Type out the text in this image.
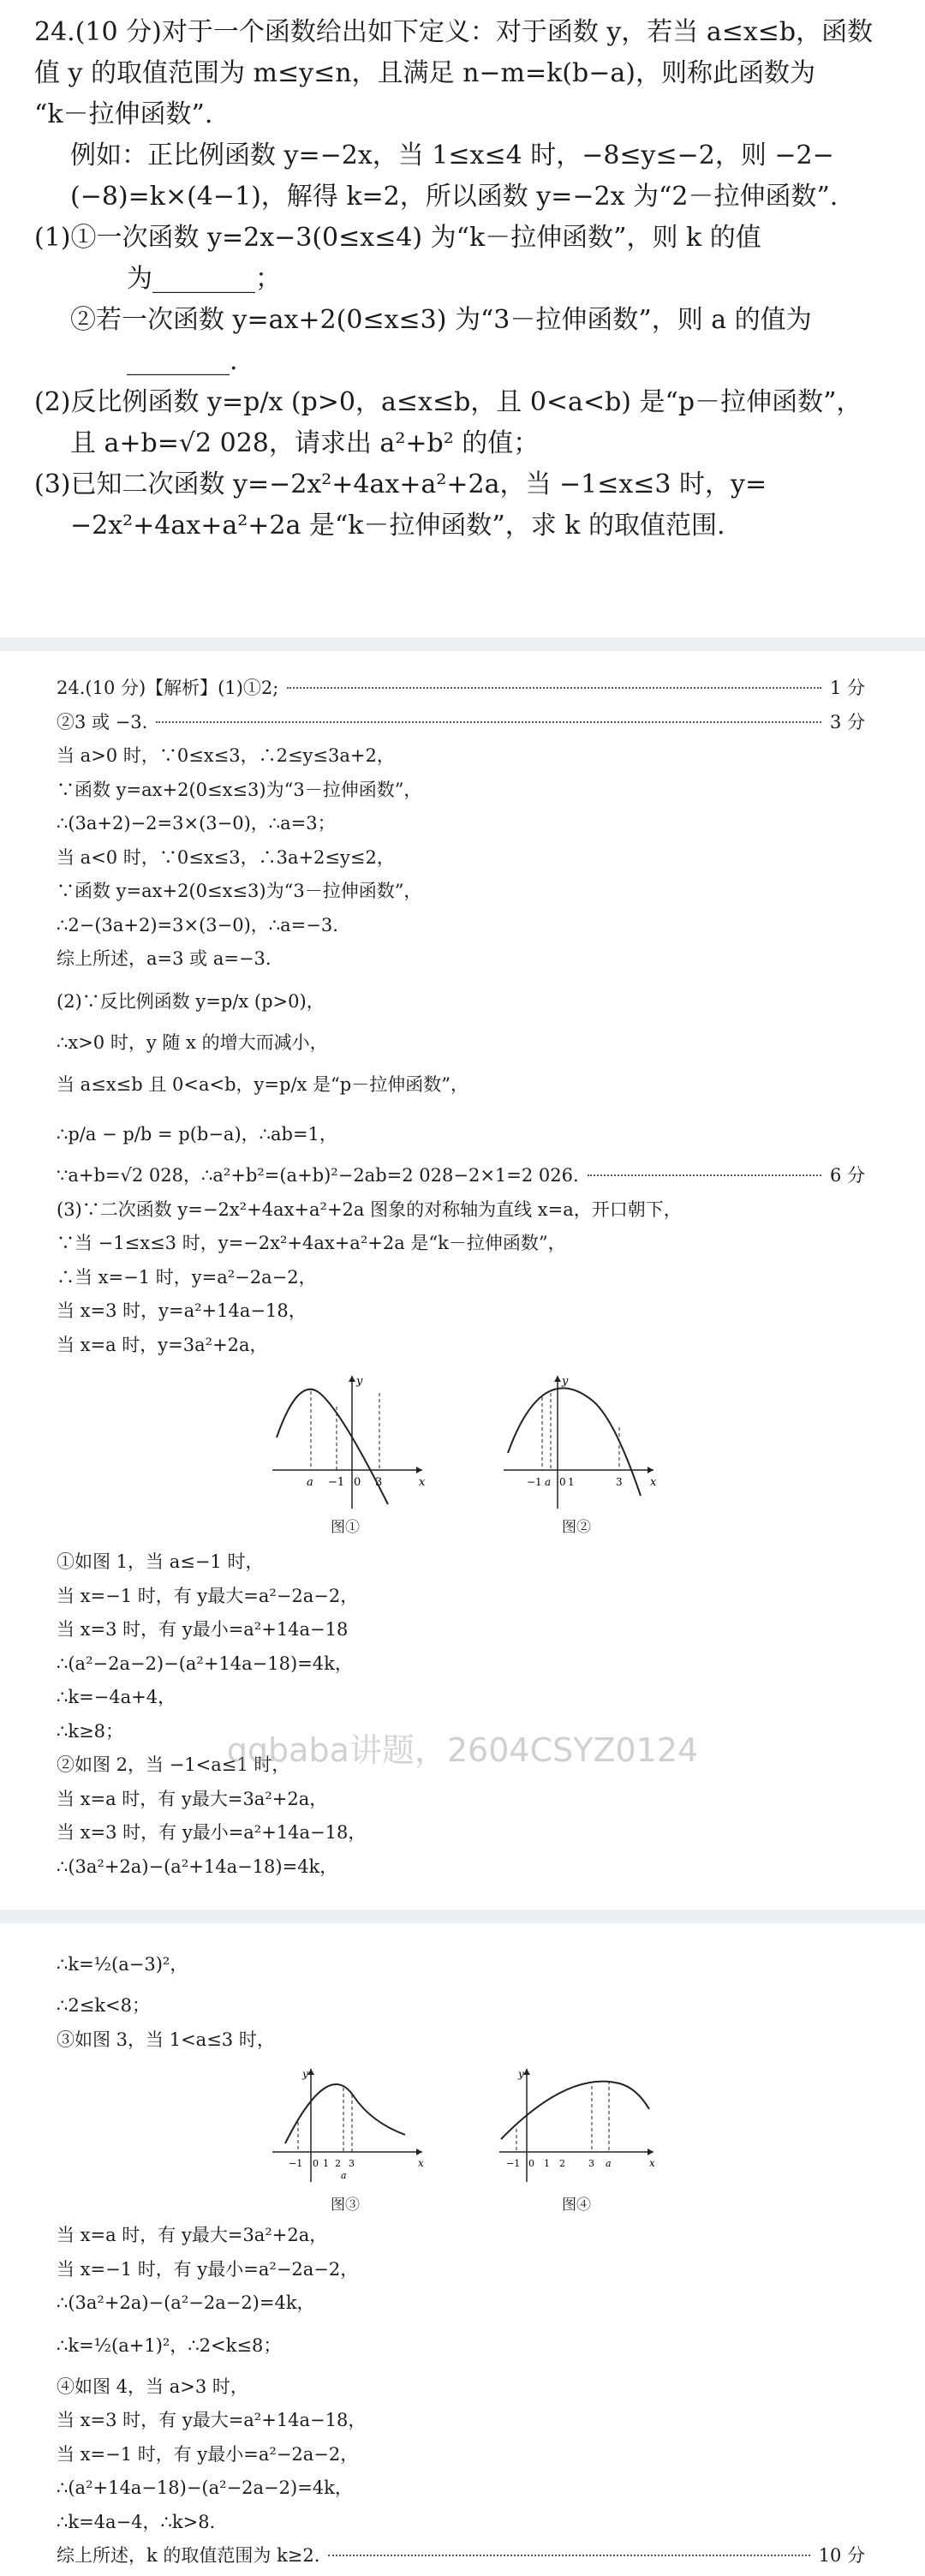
24.(10 分)对于一个函数给出如下定义：对于函数 y，若当 a≤x≤b，函数

值 y 的取值范围为 m≤y≤n，且满足 n−m=k(b−a)，则称此函数为

“k－拉伸函数”.

例如：正比例函数 y=−2x，当 1≤x≤4 时，−8≤y≤−2，则 −2−

(−8)=k×(4−1)，解得 k=2，所以函数 y=−2x 为“2－拉伸函数”.

(1)①一次函数 y=2x−3(0≤x≤4) 为“k－拉伸函数”，则 k 的值

为________；

②若一次函数 y=ax+2(0≤x≤3) 为“3－拉伸函数”，则 a 的值为

________.

(2)反比例函数 y=p/x (p>0，a≤x≤b，且 0<a<b) 是“p－拉伸函数”，

且 a+b=√2 028，请求出 a²+b² 的值；

(3)已知二次函数 y=−2x²+4ax+a²+2a，当 −1≤x≤3 时，y=

−2x²+4ax+a²+2a 是“k－拉伸函数”，求 k 的取值范围.

24.(10 分)【解析】(1)①2;	1 分
②3 或 −3.	3 分
当 a>0 时，∵0≤x≤3，∴2≤y≤3a+2，
∵函数 y=ax+2(0≤x≤3)为“3－拉伸函数”，
∴(3a+2)−2=3×(3−0)，∴a=3；
当 a<0 时，∵0≤x≤3，∴3a+2≤y≤2，
∵函数 y=ax+2(0≤x≤3)为“3－拉伸函数”，
∴2−(3a+2)=3×(3−0)，∴a=−3.
综上所述，a=3 或 a=−3.
(2)∵反比例函数 y=p/x (p>0)，
∴x>0 时，y 随 x 的增大而减小，
当 a≤x≤b 且 0<a<b，y=p/x 是“p－拉伸函数”，
∴p/a − p/b = p(b−a)，∴ab=1，
∵a+b=√2 028，∴a²+b²=(a+b)²−2ab=2 028−2×1=2 026.	6 分
(3)∵二次函数 y=−2x²+4ax+a²+2a 图象的对称轴为直线 x=a，开口朝下，
∵当 −1≤x≤3 时，y=−2x²+4ax+a²+2a 是“k－拉伸函数”，
∴当 x=−1 时，y=a²−2a−2，
当 x=3 时，y=a²+14a−18，
当 x=a 时，y=3a²+2a，
y
x
a −1 0 3
图①
y
x
−1 a 0 1	3
图②
①如图 1，当 a≤−1 时，
当 x=−1 时，有 y最大=a²−2a−2，
当 x=3 时，有 y最小=a²+14a−18
∴(a²−2a−2)−(a²+14a−18)=4k，
∴k=−4a+4，
∴k≥8；
②如图 2，当 −1<a≤1 时，
当 x=a 时，有 y最大=3a²+2a，
当 x=3 时，有 y最小=a²+14a−18，
∴(3a²+2a)−(a²+14a−18)=4k，
∴k=½(a−3)²，
∴2≤k<8；
③如图 3，当 1<a≤3 时，
y
x
−1 0 1 2 3
a
图③
y
x
−1 0 1 2 3 a
图④
当 x=a 时，有 y最大=3a²+2a，
当 x=−1 时，有 y最小=a²−2a−2，
∴(3a²+2a)−(a²−2a−2)=4k，
∴k=½(a+1)²，∴2<k≤8；
④如图 4，当 a>3 时，
当 x=3 时，有 y最大=a²+14a−18，
当 x=−1 时，有 y最小=a²−2a−2，
∴(a²+14a−18)−(a²−2a−2)=4k，
∴k=4a−4，∴k>8.
综上所述，k 的取值范围为 k≥2.	10 分
qqbaba讲题，2604CSYZ0124
